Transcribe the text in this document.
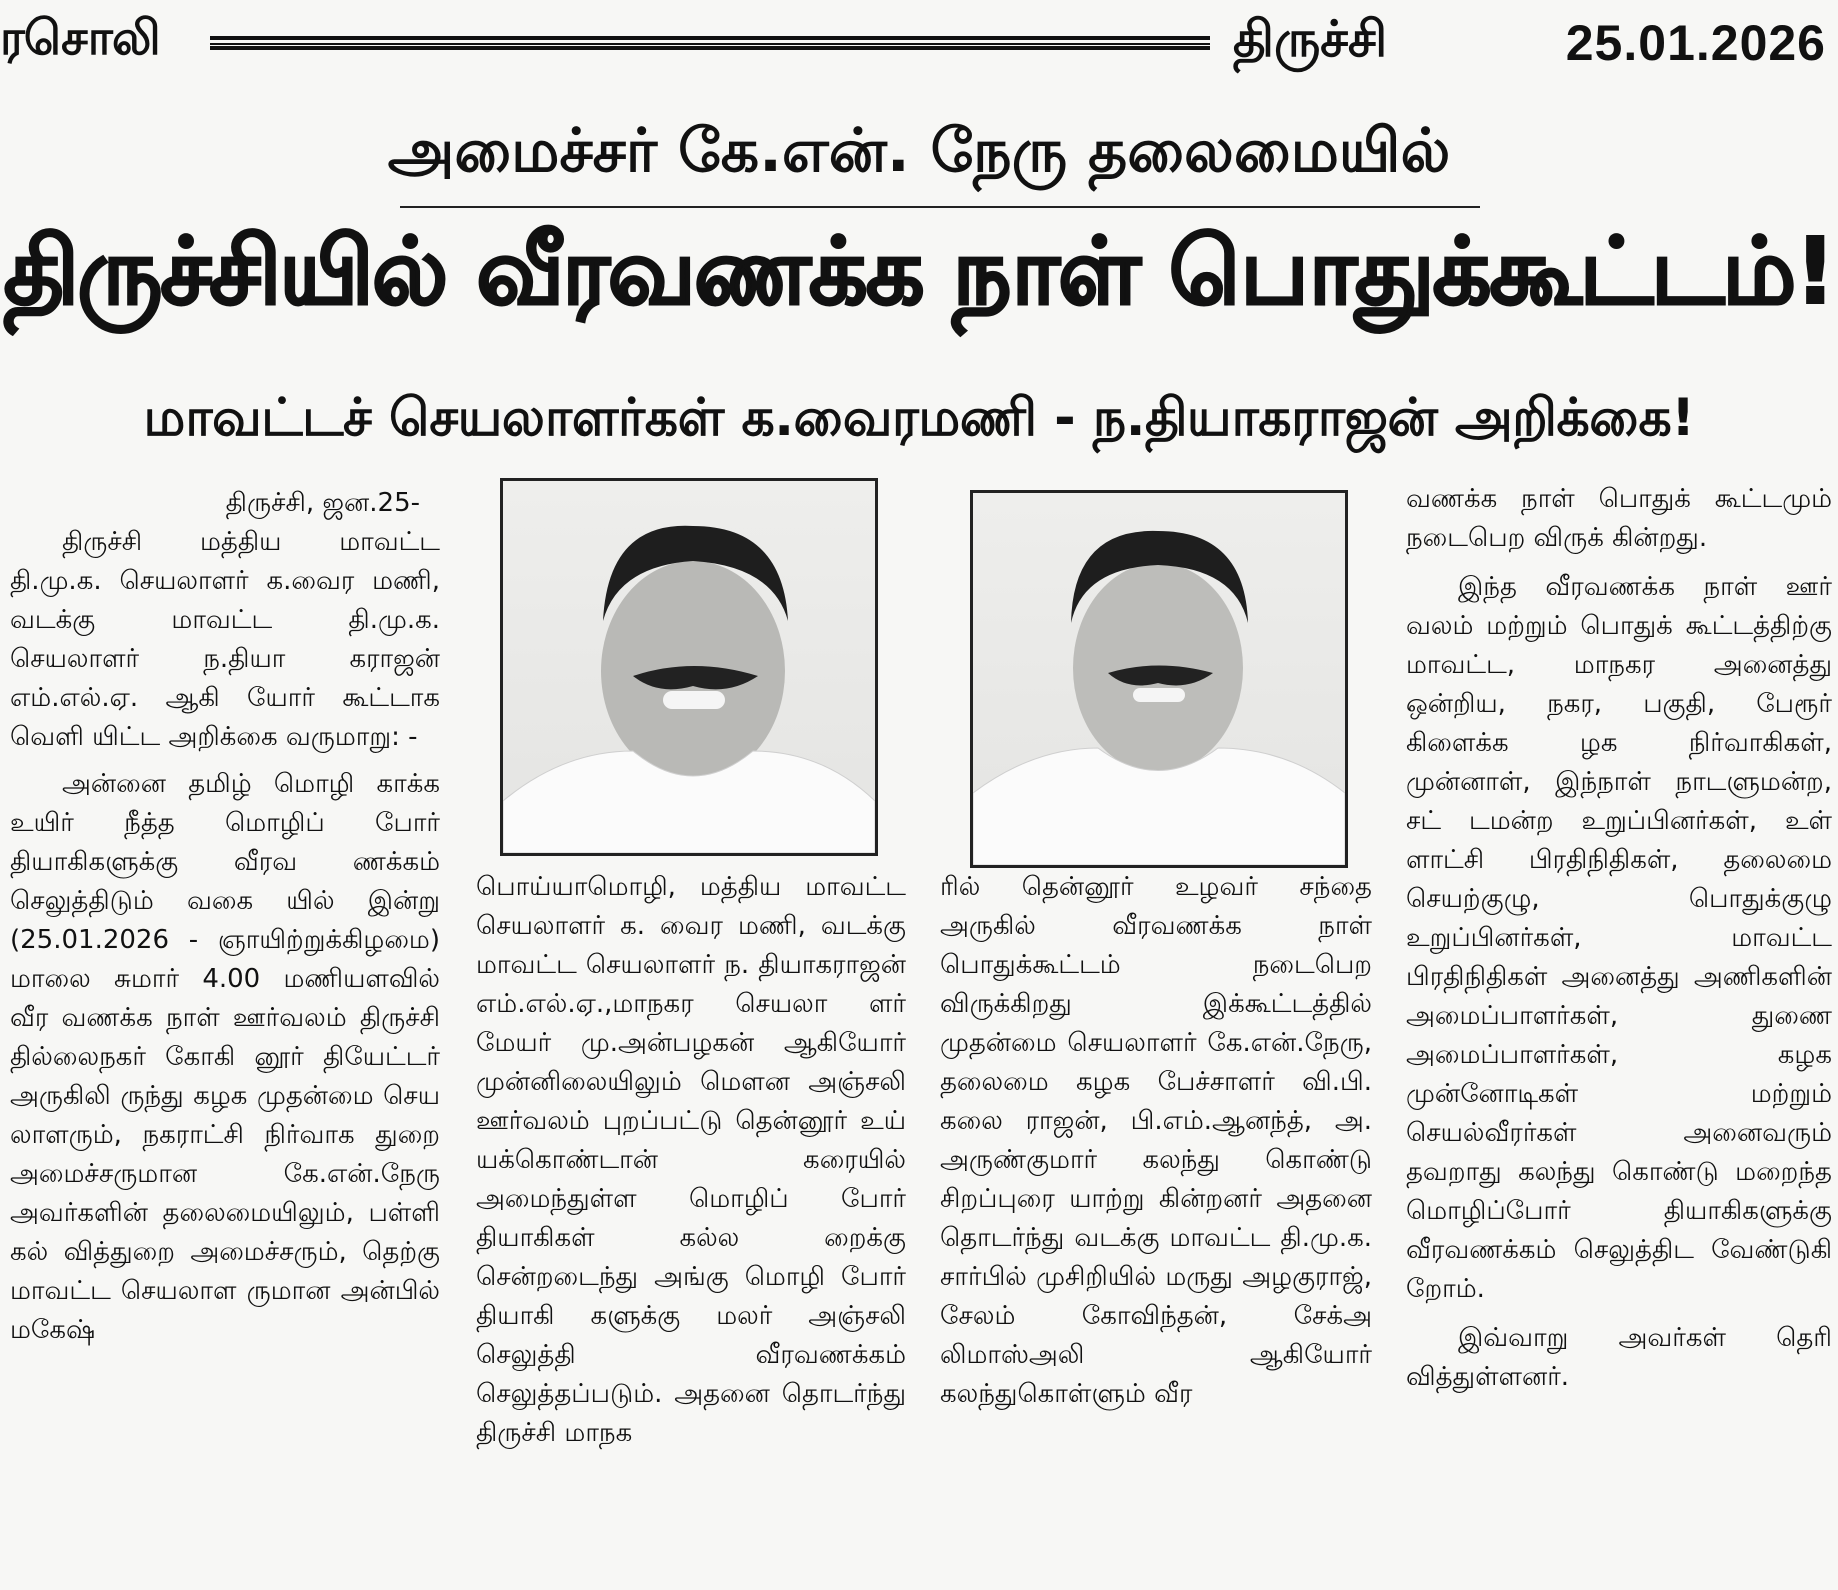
ரசொலி	திருச்சி	25.01.2026
அமைச்சர் கே.என். நேரு தலைமையில்
திருச்சியில் வீரவணக்க நாள் பொதுக்கூட்டம்!
மாவட்டச் செயலாளர்கள் க.வைரமணி - ந.தியாகராஜன் அறிக்கை!

திருச்சி, ஜன.25-

திருச்சி மத்திய மாவட்ட தி.மு.க. செயலாளர் க.வைர மணி, வடக்கு மாவட்ட தி.மு.க. செயலாளர் ந.தியா கராஜன் எம்.எல்.ஏ. ஆகி யோர் கூட்டாக வெளி யிட்ட அறிக்கை வருமாறு: -

அன்னை தமிழ் மொழி காக்க உயிர் நீத்த மொழிப் போர் தியாகிகளுக்கு வீரவ ணக்கம் செலுத்திடும் வகை யில் இன்று (25.01.2026 - ஞாயிற்றுக்கிழமை) மாலை சுமார் 4.00 மணியளவில் வீர வணக்க நாள் ஊர்வலம் திருச்சி தில்லைநகர் கோகி னூர் தியேட்டர் அருகிலி ருந்து கழக முதன்மை செய லாளரும், நகராட்சி நிர்வாக துறை அமைச்சருமான கே.என்.நேரு அவர்களின் தலைமையிலும், பள்ளி கல் வித்துறை அமைச்சரும், தெற்கு மாவட்ட செயலாள ருமான அன்பில் மகேஷ்

பொய்யாமொழி, மத்திய மாவட்ட செயலாளர் க. வைர மணி, வடக்கு மாவட்ட செயலாளர் ந. தியாகராஜன் எம்.எல்.ஏ.,மாநகர செயலா ளர் மேயர் மு.அன்பழகன் ஆகியோர் முன்னிலையிலும் மௌன அஞ்சலி ஊர்வலம் புறப்பட்டு தென்னூர் உய் யக்கொண்டான் கரையில் அமைந்துள்ள மொழிப் போர் தியாகிகள் கல்ல றைக்கு சென்றடைந்து அங்கு மொழி போர் தியாகி களுக்கு மலர் அஞ்சலி செலுத்தி வீரவணக்கம் செலுத்தப்படும். அதனை தொடர்ந்து திருச்சி மாநக

ரில் தென்னூர் உழவர் சந்தை அருகில் வீரவணக்க நாள் பொதுக்கூட்டம் நடைபெற விருக்கிறது இக்கூட்டத்தில் முதன்மை செயலாளர் கே.என்.நேரு, தலைமை கழக பேச்சாளர் வி.பி. கலை ராஜன், பி.எம்.ஆனந்த், அ. அருண்குமார் கலந்து கொண்டு சிறப்புரை யாற்று கின்றனர் அதனை தொடர்ந்து வடக்கு மாவட்ட தி.மு.க. சார்பில் முசிறியில் மருது அழகுராஜ், சேலம் கோவிந்தன், சேக்அ லிமாஸ்அலி ஆகியோர் கலந்துகொள்ளும் வீர

வணக்க நாள் பொதுக் கூட்டமும் நடைபெற விருக் கின்றது.

இந்த வீரவணக்க நாள் ஊர் வலம் மற்றும் பொதுக் கூட்டத்திற்கு மாவட்ட, மாநகர அனைத்து ஒன்றிய, நகர, பகுதி, பேரூர் கிளைக்க ழக நிர்வாகிகள், முன்னாள், இந்நாள் நாடளுமன்ற, சட் டமன்ற உறுப்பினர்கள், உள் ளாட்சி பிரதிநிதிகள், தலைமை செயற்குழு, பொதுக்குழு உறுப்பினர்கள், மாவட்ட பிரதிநிதிகள் அனைத்து அணிகளின் அமைப்பாளர்கள், துணை அமைப்பாளர்கள், கழக முன்னோடிகள் மற்றும் செயல்வீரர்கள் அனைவரும் தவறாது கலந்து கொண்டு மறைந்த மொழிப்போர் தியாகிகளுக்கு வீரவணக்கம் செலுத்திட வேண்டுகி றோம்.

இவ்வாறு அவர்கள் தெரி வித்துள்ளனர்.
